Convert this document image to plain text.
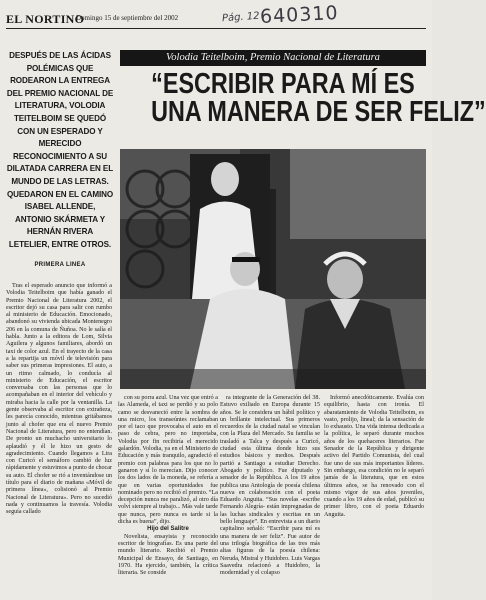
EL NORTINO
Domingo 15 de septiembre del 2002	Pág. 12 640310

DESPUÉS DE LAS ÁCIDAS POLÉMICAS QUE RODEARON LA ENTREGA DEL PREMIO NACIONAL DE LITERATURA, VOLODIA TEITELBOIM SE QUEDÓ CON UN ESPERADO Y MERECIDO RECONOCIMIENTO A SU DILATADA CARRERA EN EL MUNDO DE LAS LETRAS. QUEDARON EN EL CAMINO ISABEL ALLENDE, ANTONIO SKÁRMETA Y HERNÁN RIVERA LETELIER, ENTRE OTROS.

PRIMERA LINEA
Volodia Teitelboim, Premio Nacional de Literatura
“ESCRIBIR PARA MÍ ES
UNA MANERA DE SER FELIZ”

Tras el esperado anuncio que informó a Volodia Teitelboim que había ganado el Premio Nacional de Literatura 2002, el escritor dejó su casa para salir con rumbo al ministerio de Educación. Emocionado, abandonó su vivienda ubicada Montenegro 206 en la comuna de Ñuñoa. No le salía el habla. Junto a la editora de Lom, Silvia Aguilera y algunos familiares, abordó un taxi de color azul. En el trayecto de la casa a la repartija un móvil de televisión para saber sus primeras impresiones. El auto, a un ritmo calmado, lo conducía al ministerio de Educación, el escritor conversaba con las personas que lo acompañaban en el interior del vehículo y miraba hacia la calle por la ventanilla. La gente observaba al escritor con extrañeza, les parecía conocido, mientras gritábamos junto al chofer que era el nuevo Premio Nacional de Literatura, pero no entendían. De pronto un muchacho universitario lo aplaudió y él le hizo un gesto de agradecimiento. Cuando llegamos a Lira con Curicó el semáforo cambió de luz rápidamente y estuvimos a punto de chocar su auto. El chofer se rió a inventándose un título para el diario de mañana «Móvil de primera línea», colisionó al Premio Nacional de Literatura». Pero no sucedió nada y continuamos la travesía. Volodia seguía callado

con su porra azul. Una vez que entró a las Alameda, el taxi se perdió y su polo camo se desvaneció entre la sombra de una micro, los transeúntes reclamaban por el taco que provocaba el auto en el paso de cebra, pero no importaba, Volodia por fin recibiría el merecido galardón. Volodia, ya en el Ministerio de Educación y más tranquilo, agradeció el premio con palabras para los que no lo ganaron y sí lo merecían. Dijo conocer los dos lados de la moneda, se refería a que en varias oportunidades fue nominado pero no recibió el premio. “La decepción nunca me paralizó, al otro día volví siempre al trabajo... Más vale tarde que nunca, pero nunca es tarde si la dicha es buena”, dijo.

Hijo del Salitre

Novelista, ensayista y reconocido escritor de biografías. Es una parte del mundo literario. Recibió el Premio Municipal de Ensayo, de Santiago, en 1970. Ha ejercido, también, la crítica literaria. Se conside

ra integrante de la Generación del 38. Estuvo exiliado en Europa durante 15 años. Se le considera un hábil político y un brillante intelectual. Sus primeros recuerdos de la ciudad natal se vinculan con la Plaza del Mercado. Su familia se trasladó a Talca y después a Curicó, ciudad esta última donde hizo sus estudios básicos y medios. Después partió a Santiago a estudiar Derecho. Abogado y político. Fue diputado y senador de la República. A los 19 años publica una Antología de poesía chilena nueva en colaboración con el poeta Eduardo Anguita. “Sus novelas -escribe Fernando Alegría- están impregnadas de las luchas sindicales y escritas en un bello lenguaje”. En entrevista a un diario capitalino señaló: “Escribir para mí es una manera de ser feliz”. Fue autor de una trilogía biográfica de las tres más altas figuras de la poesía chilena: Neruda, Mistral y Huidobro. Luis Vargas Saavedra relacionó a Huidobro, la modernidad y el colapso

Informó anecdóticamente. Evalúa con equilibrio, hasta con ironía. El abaratamiento de Volodia Teitelboim, es vasto, prolijo, lineal; da la sensación de lo exhausto. Una vida intensa dedicada a la política, le separó durante muchos años de los quehaceres literarios. Fue Senador de la República y dirigente activo del Partido Comunista, del cual fue uno de sus más importantes líderes. Sin embargo, esa condición no le separó jamás de la literatura, que en estos últimos años, se ha renovado con el mismo vigor de sus años juveniles, cuando a los 19 años de edad, publicó su primer libro, con el poeta Eduardo Anguita.
